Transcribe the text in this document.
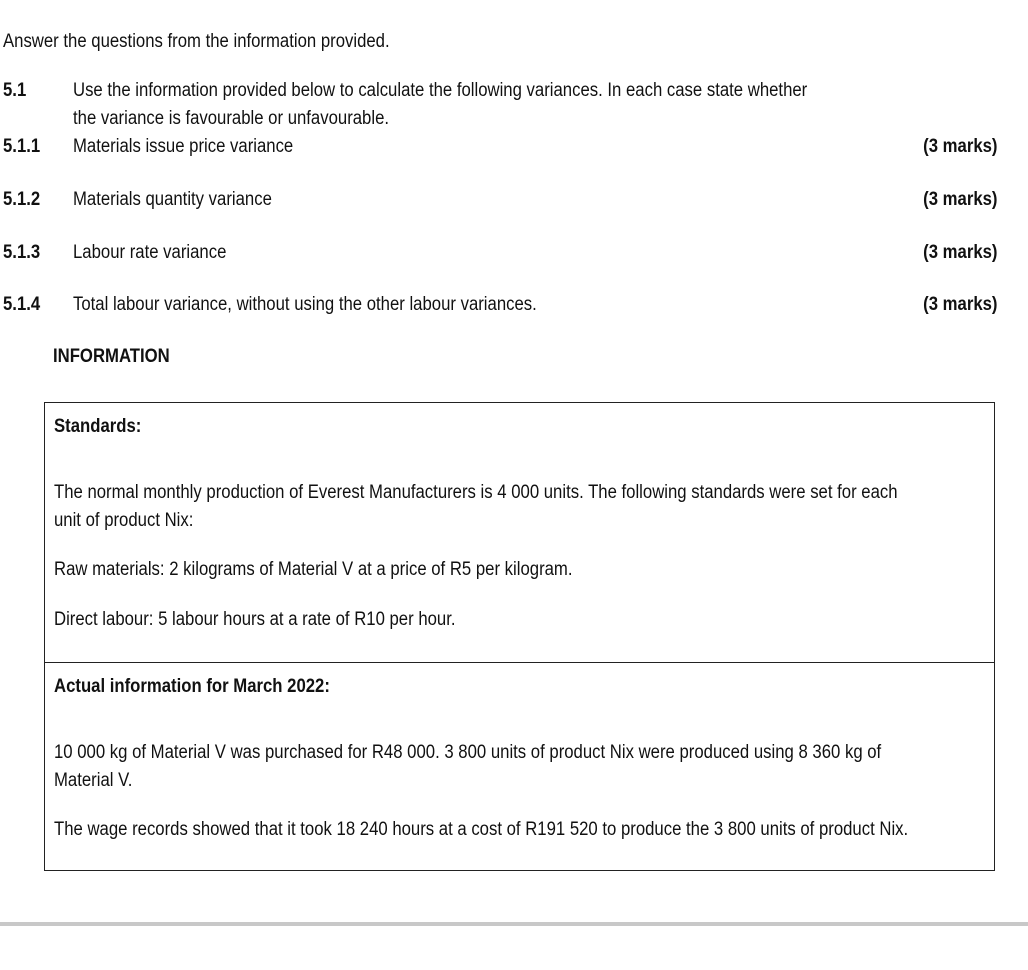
Answer the questions from the information provided.
5.1 Use the information provided below to calculate the following variances. In each case state whether
the variance is favourable or unfavourable.
5.1.1 Materials issue price variance	(3 marks)
5.1.2 Materials quantity variance	(3 marks)
5.1.3 Labour rate variance	(3 marks)
5.1.4 Total labour variance, without using the other labour variances.	(3 marks)
INFORMATION
Standards:
The normal monthly production of Everest Manufacturers is 4 000 units. The following standards were set for each
unit of product Nix:
Raw materials: 2 kilograms of Material V at a price of R5 per kilogram.
Direct labour: 5 labour hours at a rate of R10 per hour.
Actual information for March 2022:
10 000 kg of Material V was purchased for R48 000. 3 800 units of product Nix were produced using 8 360 kg of
Material V.
The wage records showed that it took 18 240 hours at a cost of R191 520 to produce the 3 800 units of product Nix.
